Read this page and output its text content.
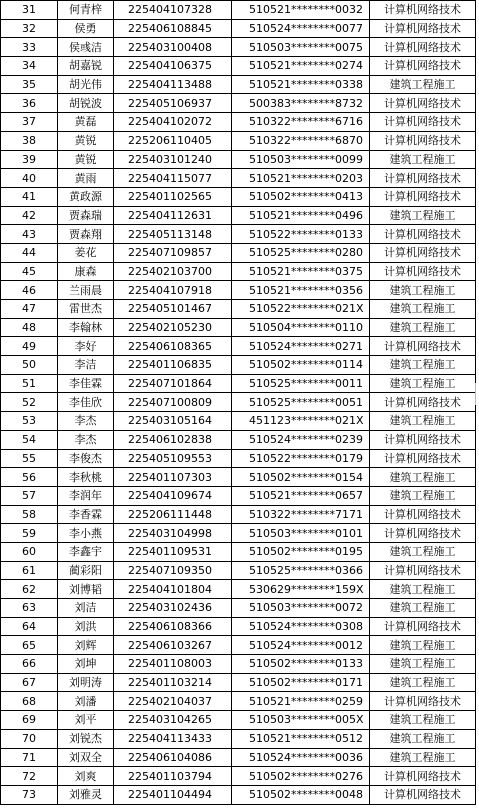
31	何青梓	225404107328	510521********0032	计算机网络技术
32	侯勇	225406108845	510524********0077	计算机网络技术
33	侯彧洁	225403100408	510503********0075	计算机网络技术
34	胡嘉锐	225404106375	510521********0274	计算机网络技术
35	胡光伟	225404113488	510521********0338	建筑工程施工
36	胡锐波	225405106937	500383********8732	计算机网络技术
37	黄磊	225404102072	510322********6716	计算机网络技术
38	黄锐	225206110405	510322********6870	计算机网络技术
39	黄锐	225403101240	510503********0099	建筑工程施工
40	黄雨	225404115077	510521********0203	计算机网络技术
41	黄政源	225401102565	510502********0413	计算机网络技术
42	贾森瑞	225404112631	510521********0496	建筑工程施工
43	贾森翔	225405113148	510522********0133	计算机网络技术
44	姜花	225407109857	510525********0280	计算机网络技术
45	康森	225402103700	510521********0375	计算机网络技术
46	兰雨晨	225404107918	510521********0356	建筑工程施工
47	雷世杰	225405101467	510522********021X	建筑工程施工
48	李翰林	225402105230	510504********0110	建筑工程施工
49	李好	225406108365	510524********0271	计算机网络技术
50	李洁	225401106835	510502********0114	建筑工程施工
51	李佳霖	225407101864	510525********0011	建筑工程施工
52	李佳欣	225407100809	510525********0051	计算机网络技术
53	李杰	225403105164	451123********021X	建筑工程施工
54	李杰	225406102838	510524********0239	计算机网络技术
55	李俊杰	225405109553	510522********0179	计算机网络技术
56	李秋桃	225401107303	510502********0154	建筑工程施工
57	李润年	225404109674	510521********0657	建筑工程施工
58	李香霖	225206111448	510322********7171	计算机网络技术
59	李小燕	225403104998	510503********0101	计算机网络技术
60	李鑫宇	225401109531	510502********0195	建筑工程施工
61	蔺彩阳	225407109350	510525********0366	计算机网络技术
62	刘博韬	225404101804	530629********159X	建筑工程施工
63	刘洁	225403102436	510503********0072	建筑工程施工
64	刘洪	225406108366	510524********0308	计算机网络技术
65	刘辉	225406103267	510524********0012	建筑工程施工
66	刘坤	225401108003	510502********0133	建筑工程施工
67	刘明涛	225401103214	510502********0171	建筑工程施工
68	刘潘	225402104037	510521********0259	计算机网络技术
69	刘平	225403104265	510503********005X	建筑工程施工
70	刘锐杰	225404113433	510521********0512	建筑工程施工
71	刘双全	225406104086	510524********0036	建筑工程施工
72	刘爽	225401103794	510502********0276	计算机网络技术
73	刘雅灵	225401104494	510502********0048	计算机网络技术
